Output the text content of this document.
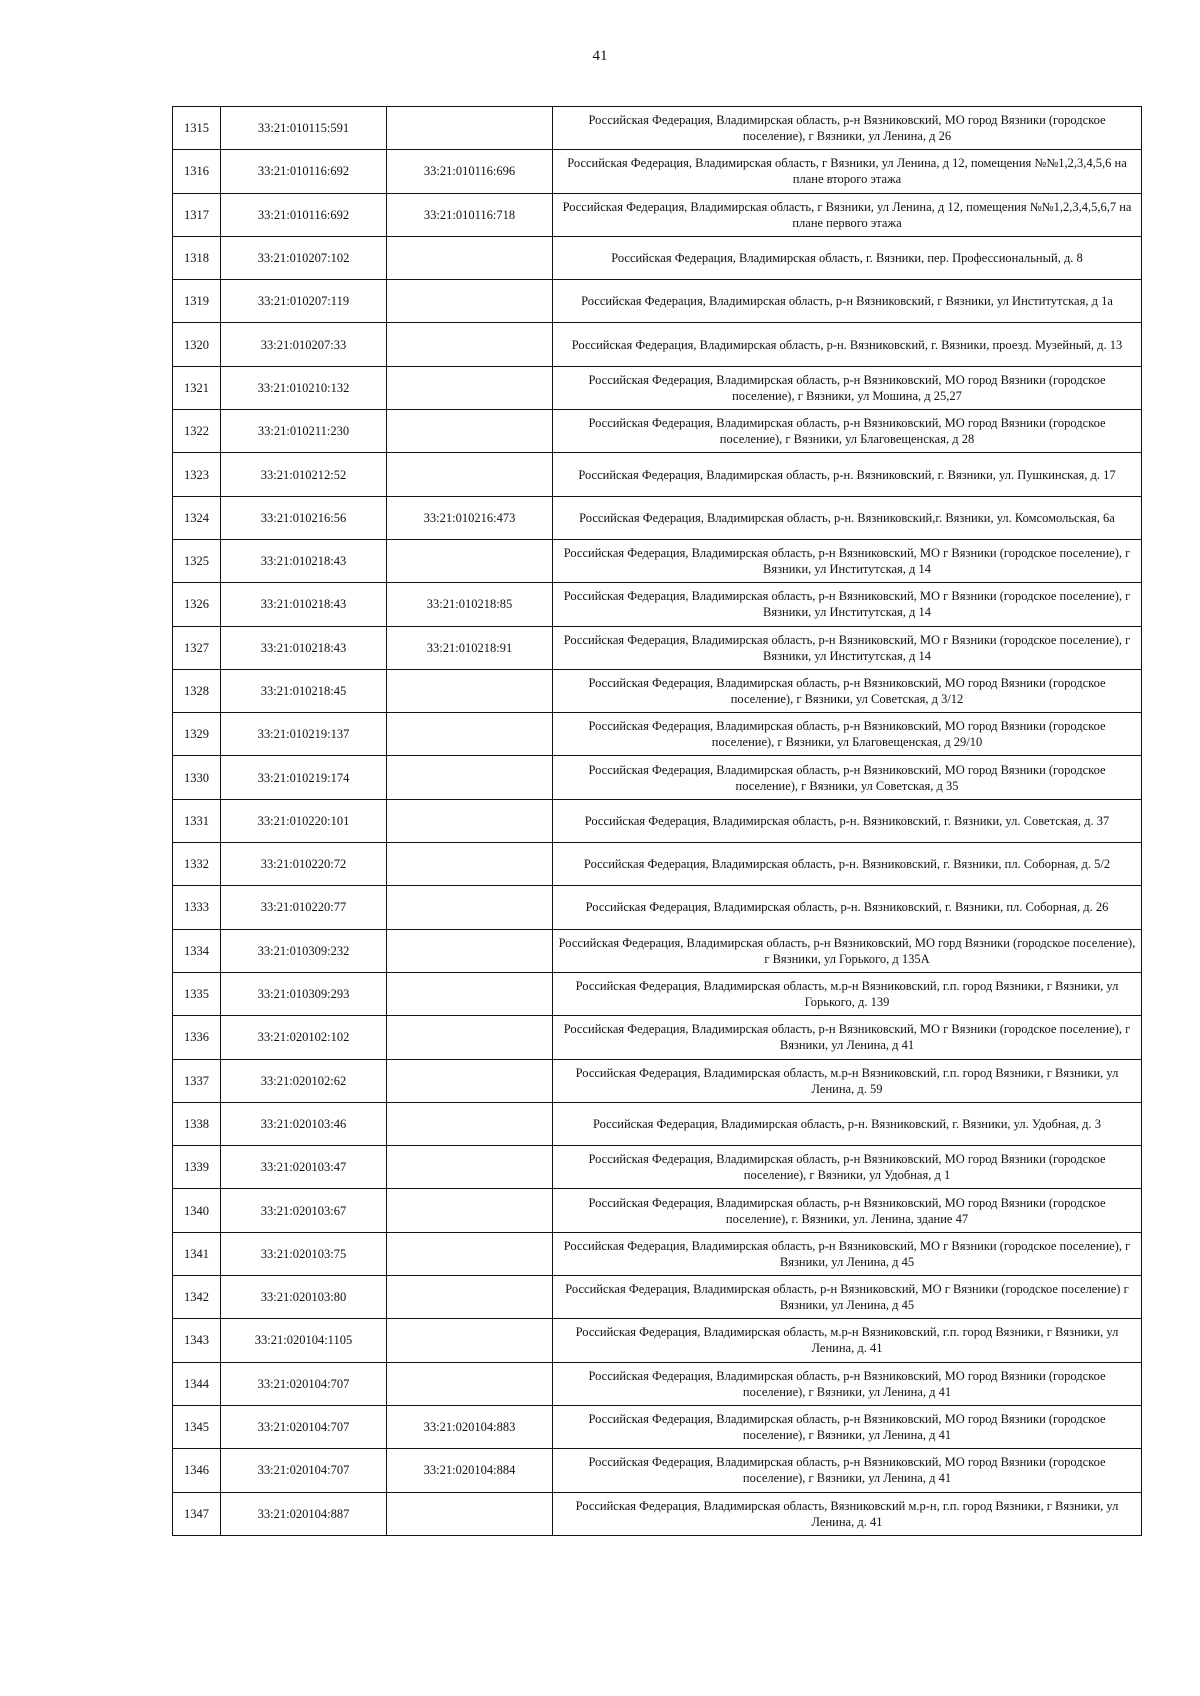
41
1315	33:21:010115:591		Российская Федерация, Владимирская область, р-н Вязниковский, МО город Вязники (городское поселение), г Вязники, ул Ленина, д 26
1316	33:21:010116:692	33:21:010116:696	Российская Федерация, Владимирская область, г Вязники, ул Ленина, д 12, помещения №№1,2,3,4,5,6 на плане второго этажа
1317	33:21:010116:692	33:21:010116:718	Российская Федерация, Владимирская область, г Вязники, ул Ленина, д 12, помещения №№1,2,3,4,5,6,7 на плане первого этажа
1318	33:21:010207:102		Российская Федерация, Владимирская область, г. Вязники, пер. Профессиональный, д. 8
1319	33:21:010207:119		Российская Федерация, Владимирская область, р-н Вязниковский, г Вязники, ул Институтская, д 1а
1320	33:21:010207:33		Российская Федерация, Владимирская область, р-н. Вязниковский, г. Вязники, проезд. Музейный, д. 13
1321	33:21:010210:132		Российская Федерация, Владимирская область, р-н Вязниковский, МО город Вязники (городское поселение), г Вязники, ул Мошина, д 25,27
1322	33:21:010211:230		Российская Федерация, Владимирская область, р-н Вязниковский, МО город Вязники (городское поселение), г Вязники, ул Благовещенская, д 28
1323	33:21:010212:52		Российская Федерация, Владимирская область, р-н. Вязниковский, г. Вязники, ул. Пушкинская, д. 17
1324	33:21:010216:56	33:21:010216:473	Российская Федерация, Владимирская область, р-н. Вязниковский,г. Вязники, ул. Комсомольская, 6а
1325	33:21:010218:43		Российская Федерация, Владимирская область, р-н Вязниковский, МО г Вязники (городское поселение), г Вязники, ул Институтская, д 14
1326	33:21:010218:43	33:21:010218:85	Российская Федерация, Владимирская область, р-н Вязниковский, МО г Вязники (городское поселение), г Вязники, ул Институтская, д 14
1327	33:21:010218:43	33:21:010218:91	Российская Федерация, Владимирская область, р-н Вязниковский, МО г Вязники (городское поселение), г Вязники, ул Институтская, д 14
1328	33:21:010218:45		Российская Федерация, Владимирская область, р-н Вязниковский, МО город Вязники (городское поселение), г Вязники, ул Советская, д 3/12
1329	33:21:010219:137		Российская Федерация, Владимирская область, р-н Вязниковский, МО город Вязники (городское поселение), г Вязники, ул Благовещенская, д 29/10
1330	33:21:010219:174		Российская Федерация, Владимирская область, р-н Вязниковский, МО город Вязники (городское поселение), г Вязники, ул Советская, д 35
1331	33:21:010220:101		Российская Федерация, Владимирская область, р-н. Вязниковский, г. Вязники, ул. Советская, д. 37
1332	33:21:010220:72		Российская Федерация, Владимирская область, р-н. Вязниковский, г. Вязники, пл. Соборная, д. 5/2
1333	33:21:010220:77		Российская Федерация, Владимирская область, р-н. Вязниковский, г. Вязники, пл. Соборная, д. 26
1334	33:21:010309:232		Российская Федерация, Владимирская область, р-н Вязниковский, МО горд Вязники (городское поселение), г Вязники, ул Горького, д 135А
1335	33:21:010309:293		Российская Федерация, Владимирская область, м.р-н Вязниковский, г.п. город Вязники, г Вязники, ул Горького, д. 139
1336	33:21:020102:102		Российская Федерация, Владимирская область, р-н Вязниковский, МО г Вязники (городское поселение), г Вязники, ул Ленина, д 41
1337	33:21:020102:62		Российская Федерация, Владимирская область, м.р-н Вязниковский, г.п. город Вязники, г Вязники, ул Ленина, д. 59
1338	33:21:020103:46		Российская Федерация, Владимирская область, р-н. Вязниковский, г. Вязники, ул. Удобная, д. 3
1339	33:21:020103:47		Российская Федерация, Владимирская область, р-н Вязниковский, МО город Вязники (городское поселение), г Вязники, ул Удобная, д 1
1340	33:21:020103:67		Российская Федерация, Владимирская область, р-н Вязниковский, МО город Вязники (городское поселение), г. Вязники, ул. Ленина, здание 47
1341	33:21:020103:75		Российская Федерация, Владимирская область, р-н Вязниковский, МО г Вязники (городское поселение), г Вязники, ул Ленина, д 45
1342	33:21:020103:80		Российская Федерация, Владимирская область, р-н Вязниковский, МО г Вязники (городское поселение) г Вязники, ул Ленина, д 45
1343	33:21:020104:1105		Российская Федерация, Владимирская область, м.р-н Вязниковский, г.п. город Вязники, г Вязники, ул Ленина, д. 41
1344	33:21:020104:707		Российская Федерация, Владимирская область, р-н Вязниковский, МО город Вязники (городское поселение), г Вязники, ул Ленина, д 41
1345	33:21:020104:707	33:21:020104:883	Российская Федерация, Владимирская область, р-н Вязниковский, МО город Вязники (городское поселение), г Вязники, ул Ленина, д 41
1346	33:21:020104:707	33:21:020104:884	Российская Федерация, Владимирская область, р-н Вязниковский, МО город Вязники (городское поселение), г Вязники, ул Ленина, д 41
1347	33:21:020104:887		Российская Федерация, Владимирская область, Вязниковский м.р-н, г.п. город Вязники, г Вязники, ул Ленина, д. 41
